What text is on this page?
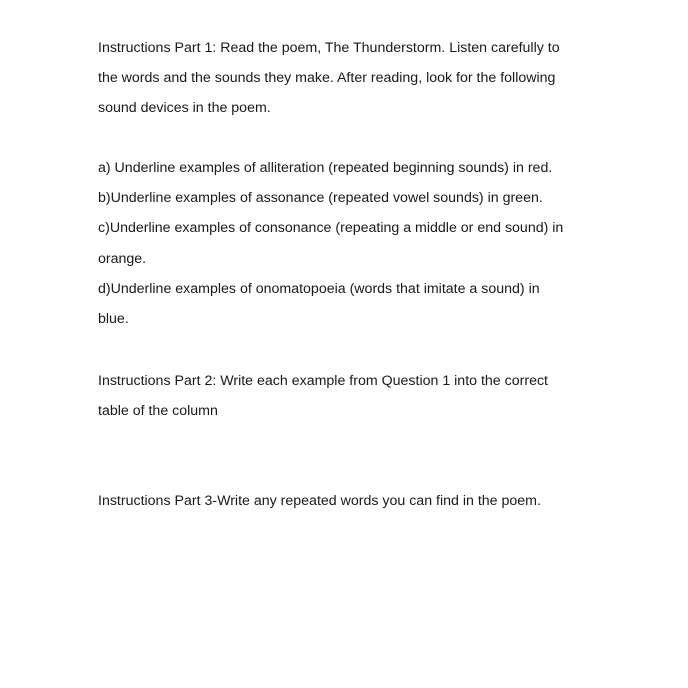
Instructions Part 1: Read the poem, The Thunderstorm. Listen carefully to
the words and the sounds they make. After reading, look for the following
sound devices in the poem.

a) Underline examples of alliteration (repeated beginning sounds) in red.
b)Underline examples of assonance (repeated vowel sounds) in green.
c)Underline examples of consonance (repeating a middle or end sound) in
orange.
d)Underline examples of onomatopoeia (words that imitate a sound) in
blue.

Instructions Part 2: Write each example from Question 1 into the correct
table of the column

Instructions Part 3-Write any repeated words you can find in the poem.
